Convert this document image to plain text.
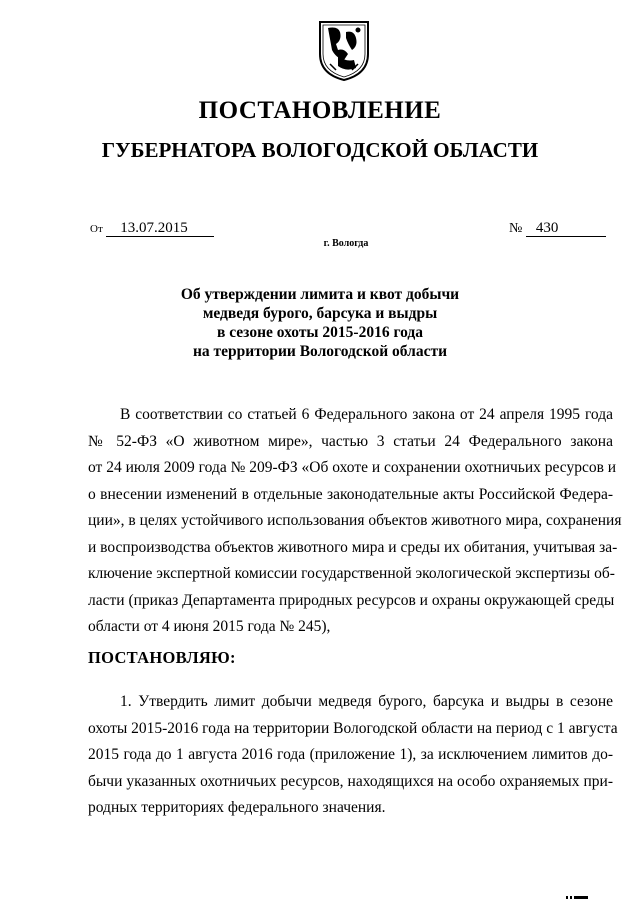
ПОСТАНОВЛЕНИЕ
ГУБЕРНАТОРА ВОЛОГОДСКОЙ ОБЛАСТИ
От 13.07.2015	№ 430
г. Вологда
Об утверждении лимита и квот добычи
медведя бурого, барсука и выдры
в сезоне охоты 2015-2016 года
на территории Вологодской области
В соответствии со статьей 6 Федерального закона от 24 апреля 1995 года
№ 52-ФЗ «О животном мире», частью 3 статьи 24 Федерального закона
от 24 июля 2009 года № 209-ФЗ «Об охоте и сохранении охотничьих ресурсов и
о внесении изменений в отдельные законодательные акты Российской Федера-
ции», в целях устойчивого использования объектов животного мира, сохранения
и воспроизводства объектов животного мира и среды их обитания, учитывая за-
ключение экспертной комиссии государственной экологической экспертизы об-
ласти (приказ Департамента природных ресурсов и охраны окружающей среды
области от 4 июня 2015 года № 245),
ПОСТАНОВЛЯЮ:
1. Утвердить лимит добычи медведя бурого, барсука и выдры в сезоне
охоты 2015-2016 года на территории Вологодской области на период с 1 августа
2015 года до 1 августа 2016 года (приложение 1), за исключением лимитов до-
бычи указанных охотничьих ресурсов, находящихся на особо охраняемых при-
родных территориях федерального значения.
